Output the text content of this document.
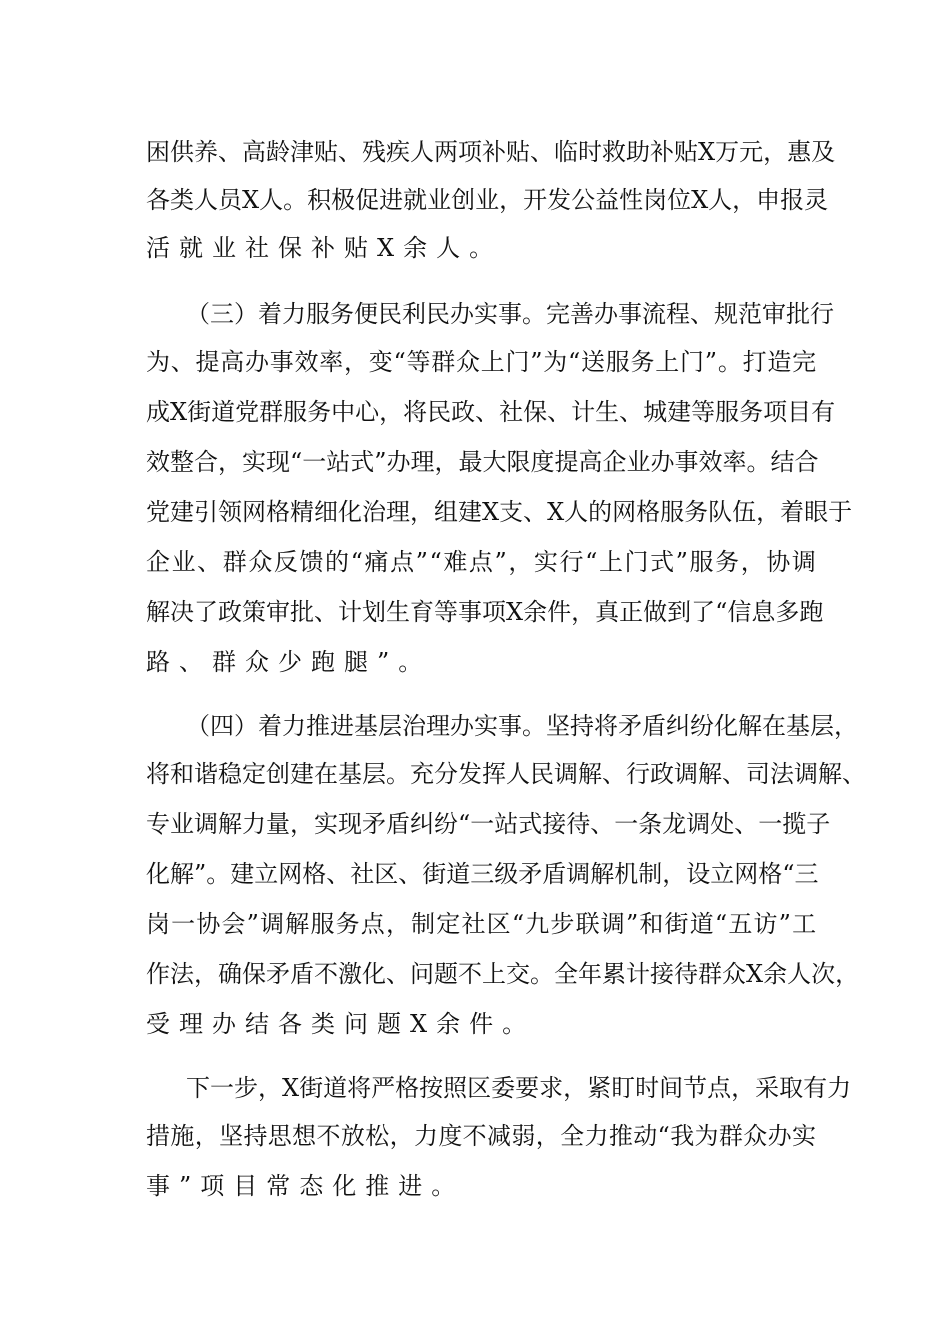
困供养、高龄津贴、残疾人两项补贴、临时救助补贴X万元，惠及
各类人员X人。积极促进就业创业，开发公益性岗位X人，申报灵
活就业社保补贴X余人。
（三）着力服务便民利民办实事。完善办事流程、规范审批行
为、提高办事效率，变“等群众上门”为“送服务上门”。打造完
成X街道党群服务中心，将民政、社保、计生、城建等服务项目有
效整合，实现“一站式”办理，最大限度提高企业办事效率。结合
党建引领网格精细化治理，组建X支、X人的网格服务队伍，着眼于
企业、群众反馈的“痛点”“难点”，实行“上门式”服务，协调
解决了政策审批、计划生育等事项X余件，真正做到了“信息多跑
路、群众少跑腿”。
（四）着力推进基层治理办实事。坚持将矛盾纠纷化解在基层，
将和谐稳定创建在基层。充分发挥人民调解、行政调解、司法调解、
专业调解力量，实现矛盾纠纷“一站式接待、一条龙调处、一揽子
化解”。建立网格、社区、街道三级矛盾调解机制，设立网格“三
岗一协会”调解服务点，制定社区“九步联调”和街道“五访”工
作法，确保矛盾不激化、问题不上交。全年累计接待群众X余人次，
受理办结各类问题X余件。
下一步，X街道将严格按照区委要求，紧盯时间节点，采取有力
措施，坚持思想不放松，力度不减弱，全力推动“我为群众办实
事”项目常态化推进。
